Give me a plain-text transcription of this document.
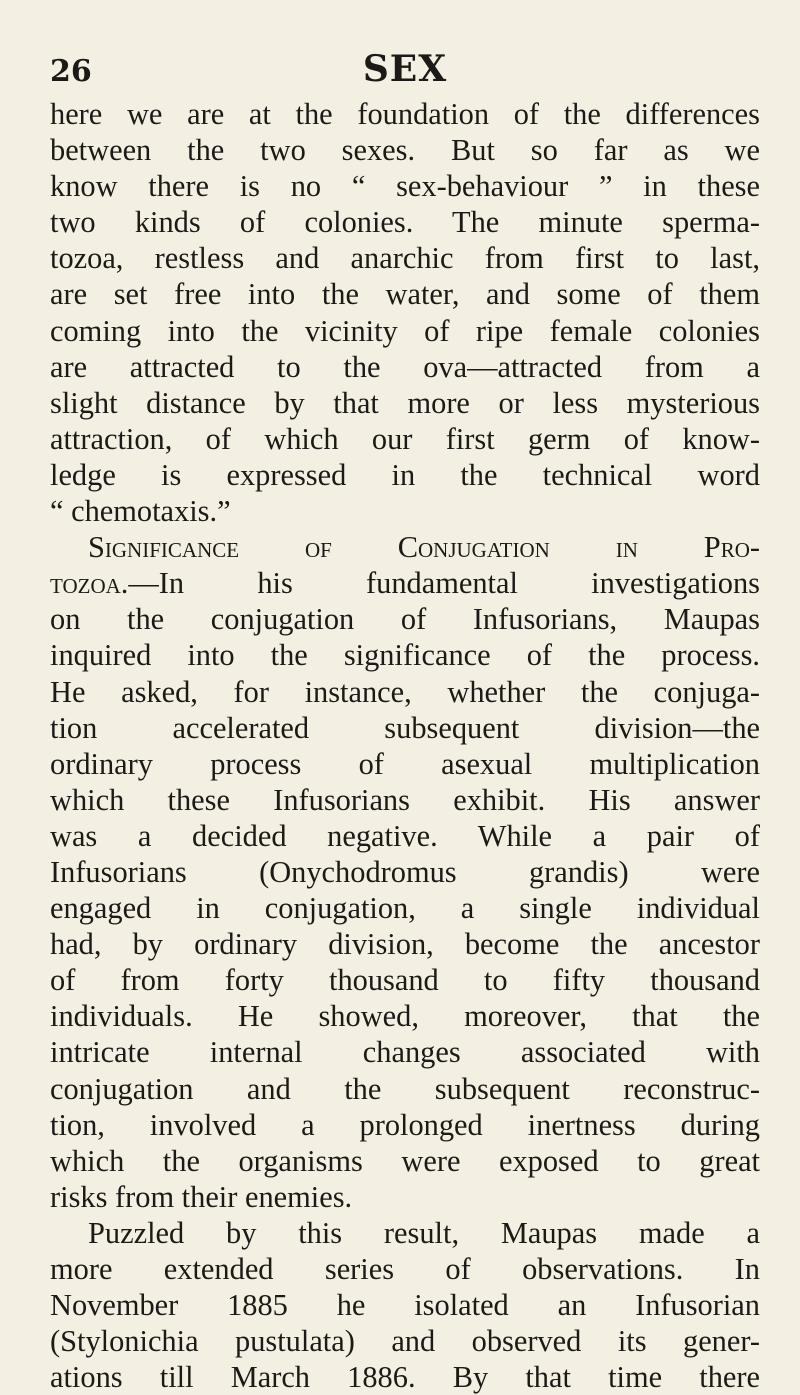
26	SEX
here we are at the foundation of the differences
between the two sexes. But so far as we
know there is no “ sex-behaviour ” in these
two kinds of colonies. The minute sperma-
tozoa, restless and anarchic from first to last,
are set free into the water, and some of them
coming into the vicinity of ripe female colonies
are attracted to the ova—attracted from a
slight distance by that more or less mysterious
attraction, of which our first germ of know-
ledge is expressed in the technical word
“ chemotaxis.”
Significance of Conjugation in Pro-
tozoa.—In his fundamental investigations
on the conjugation of Infusorians, Maupas
inquired into the significance of the process.
He asked, for instance, whether the conjuga-
tion accelerated subsequent division—the
ordinary process of asexual multiplication
which these Infusorians exhibit. His answer
was a decided negative. While a pair of
Infusorians (Onychodromus grandis) were
engaged in conjugation, a single individual
had, by ordinary division, become the ancestor
of from forty thousand to fifty thousand
individuals. He showed, moreover, that the
intricate internal changes associated with
conjugation and the subsequent reconstruc-
tion, involved a prolonged inertness during
which the organisms were exposed to great
risks from their enemies.
Puzzled by this result, Maupas made a
more extended series of observations. In
November 1885 he isolated an Infusorian
(Stylonichia pustulata) and observed its gener-
ations till March 1886. By that time there
